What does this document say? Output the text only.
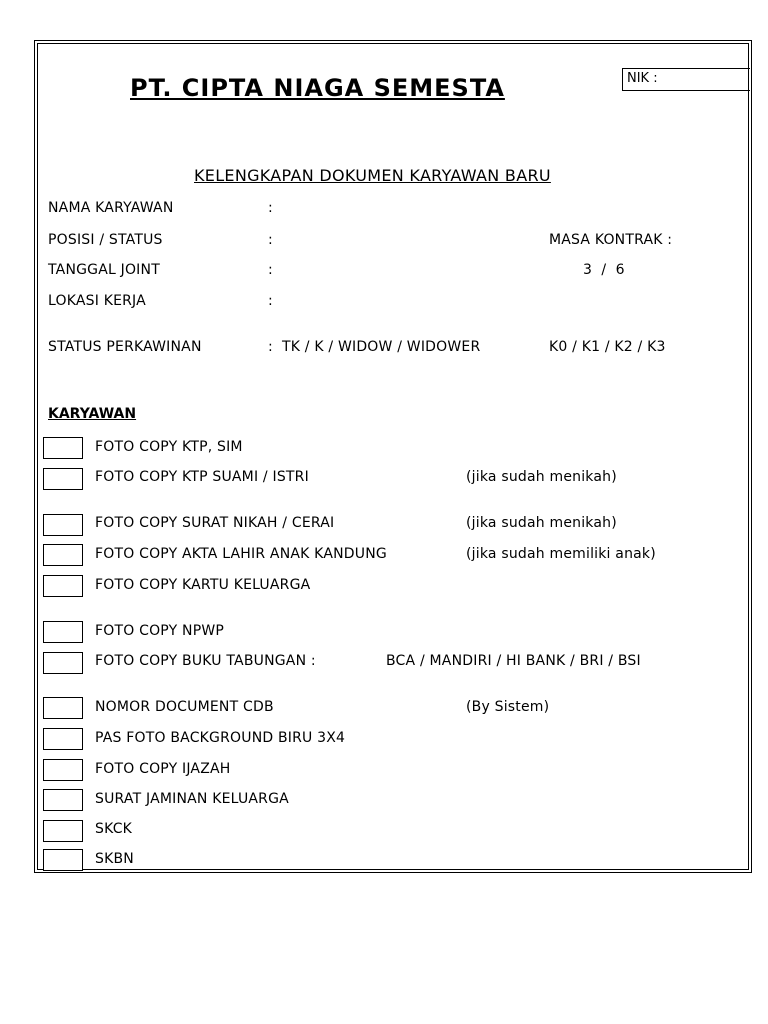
PT. CIPTA NIAGA SEMESTA	NIK :
KELENGKAPAN DOKUMEN KARYAWAN BARU
NAMA KARYAWAN	:
POSISI / STATUS	:	MASA KONTRAK :
TANGGAL JOINT	:	3  /  6
LOKASI KERJA	:
STATUS PERKAWINAN	: TK / K / WIDOW / WIDOWER	K0 / K1 / K2 / K3
KARYAWAN
FOTO COPY KTP, SIM
FOTO COPY KTP SUAMI / ISTRI	(jika sudah menikah)
FOTO COPY SURAT NIKAH / CERAI	(jika sudah menikah)
FOTO COPY AKTA LAHIR ANAK KANDUNG	(jika sudah memiliki anak)
FOTO COPY KARTU KELUARGA
FOTO COPY NPWP
FOTO COPY BUKU TABUNGAN :	BCA / MANDIRI / HI BANK / BRI / BSI
NOMOR DOCUMENT CDB	(By Sistem)
PAS FOTO BACKGROUND BIRU 3X4
FOTO COPY IJAZAH
SURAT JAMINAN KELUARGA
SKCK
SKBN
